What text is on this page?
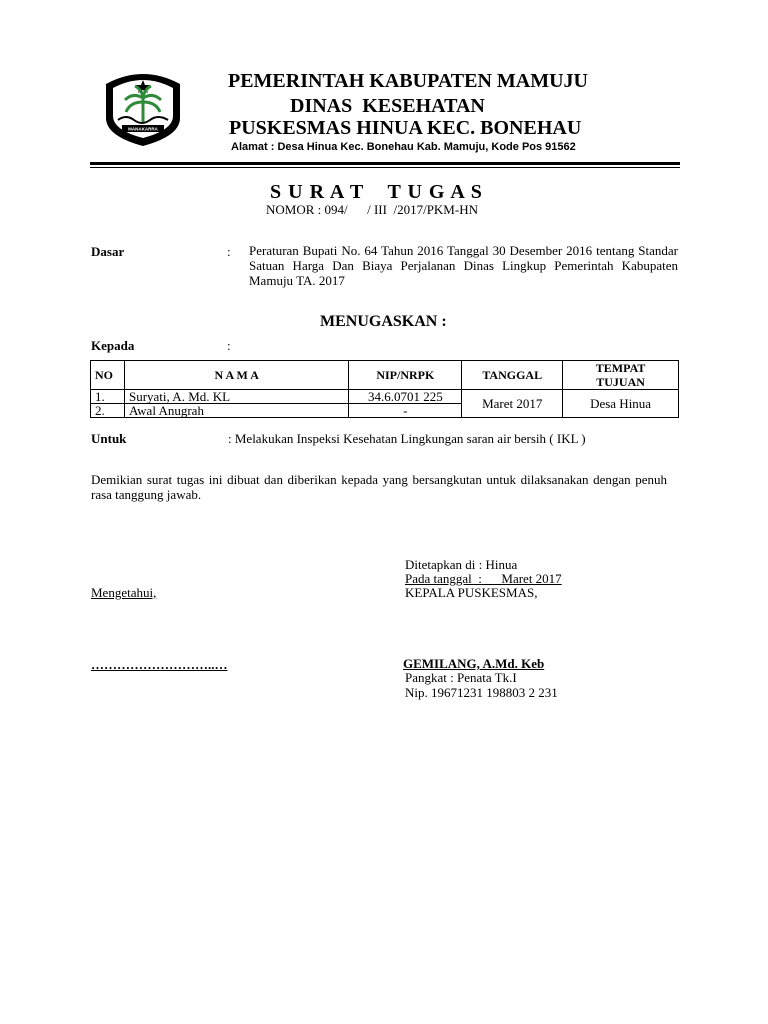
MANAKARRA
PEMERINTAH KABUPATEN MAMUJU
DINAS  KESEHATAN
PUSKESMAS HINUA KEC. BONEHAU
Alamat : Desa Hinua Kec. Bonehau Kab. Mamuju, Kode Pos 91562
S U R A T    T U G A S
NOMOR : 094/      / III  /2017/PKM-HN
Dasar	: Peraturan Bupati No. 64 Tahun 2016 Tanggal 30 Desember 2016 tentang Standar Satuan Harga Dan Biaya Perjalanan Dinas Lingkup Pemerintah Kabupaten Mamuju TA. 2017
MENUGASKAN :
Kepada	:
NO	N A M A	NIP/NRPK	TANGGAL	TEMPAT
TUJUAN

1.	Suryati, A. Md. KL	34.6.0701 225	Maret 2017	Desa Hinua
2.	Awal Anugrah	-		
Untuk	: Melakukan Inspeksi Kesehatan Lingkungan saran air bersih ( IKL )
Demikian surat tugas ini dibuat dan diberikan kepada yang bersangkutan untuk dilaksanakan dengan penuh rasa tanggung jawab.
Ditetapkan di : Hinua
Pada tanggal  :      Maret 2017
KEPALA PUSKESMAS,
Mengetahui,
………………………..…	GEMILANG, A.Md. Keb
Pangkat : Penata Tk.I
Nip. 19671231 198803 2 231
